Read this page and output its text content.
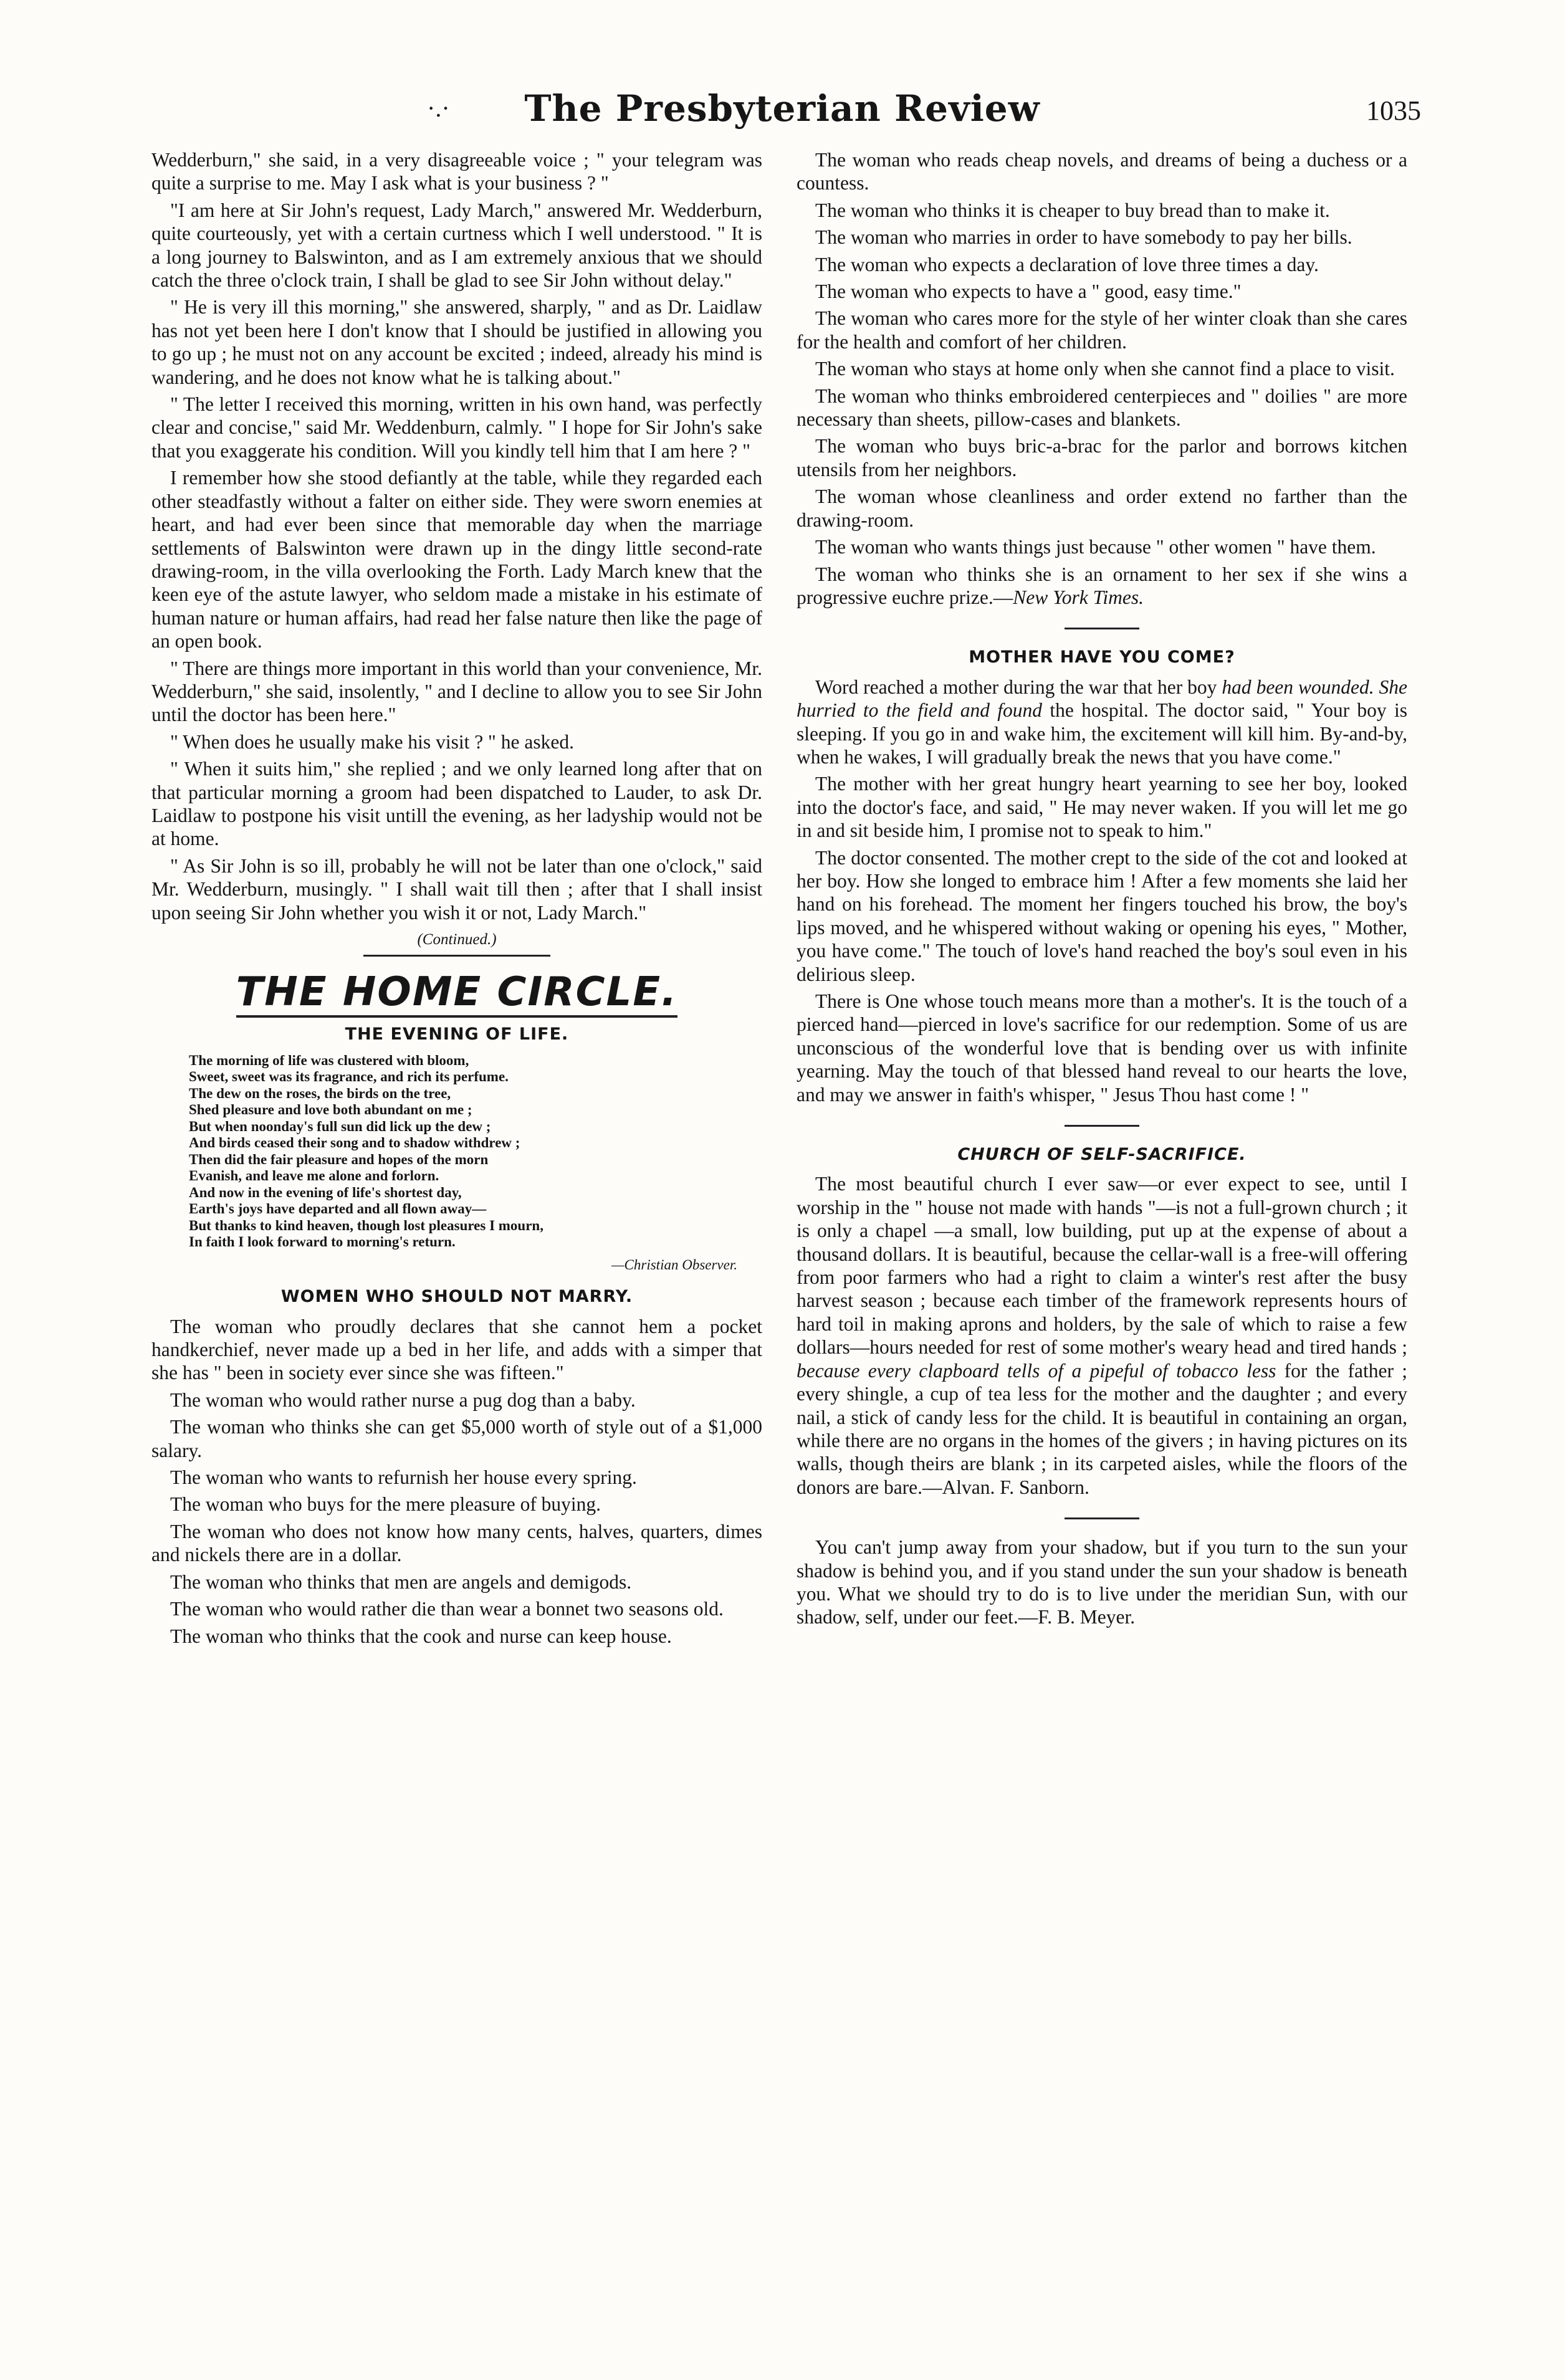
·.·	The Presbyterian Review	1035

Wedderburn," she said, in a very disagreeable voice ; " your telegram was quite a surprise to me. May I ask what is your business ? "

"I am here at Sir John's request, Lady March," answered Mr. Wedderburn, quite courteously, yet with a certain curtness which I well understood. " It is a long journey to Balswinton, and as I am extremely anxious that we should catch the three o'clock train, I shall be glad to see Sir John without delay."

" He is very ill this morning," she answered, sharply, " and as Dr. Laidlaw has not yet been here I don't know that I should be justified in allowing you to go up ; he must not on any account be excited ; indeed, already his mind is wandering, and he does not know what he is talking about."

" The letter I received this morning, written in his own hand, was perfectly clear and concise," said Mr. Weddenburn, calmly. " I hope for Sir John's sake that you exaggerate his condition. Will you kindly tell him that I am here ? "

I remember how she stood defiantly at the table, while they regarded each other steadfastly without a falter on either side. They were sworn enemies at heart, and had ever been since that memorable day when the marriage settlements of Balswinton were drawn up in the dingy little second-rate drawing-room, in the villa overlooking the Forth. Lady March knew that the keen eye of the astute lawyer, who seldom made a mistake in his estimate of human nature or human affairs, had read her false nature then like the page of an open book.

" There are things more important in this world than your convenience, Mr. Wedderburn," she said, insolently, " and I decline to allow you to see Sir John until the doctor has been here."

" When does he usually make his visit ? " he asked.

" When it suits him," she replied ; and we only learned long after that on that particular morning a groom had been dispatched to Lauder, to ask Dr. Laidlaw to postpone his visit untill the evening, as her ladyship would not be at home.

" As Sir John is so ill, probably he will not be later than one o'clock," said Mr. Wedderburn, musingly. " I shall wait till then ; after that I shall insist upon seeing Sir John whether you wish it or not, Lady March."

(Continued.)
THE HOME CIRCLE.
THE EVENING OF LIFE.
The morning of life was clustered with bloom,
Sweet, sweet was its fragrance, and rich its perfume.
The dew on the roses, the birds on the tree,
Shed pleasure and love both abundant on me ;
But when noonday's full sun did lick up the dew ;
And birds ceased their song and to shadow withdrew ;
Then did the fair pleasure and hopes of the morn
Evanish, and leave me alone and forlorn.
And now in the evening of life's shortest day,
Earth's joys have departed and all flown away—
But thanks to kind heaven, though lost pleasures I mourn,
In faith I look forward to morning's return.
—Christian Observer.
WOMEN WHO SHOULD NOT MARRY.

The woman who proudly declares that she cannot hem a pocket handkerchief, never made up a bed in her life, and adds with a simper that she has " been in society ever since she was fifteen."

The woman who would rather nurse a pug dog than a baby.

The woman who thinks she can get $5,000 worth of style out of a $1,000 salary.

The woman who wants to refurnish her house every spring.

The woman who buys for the mere pleasure of buying.

The woman who does not know how many cents, halves, quarters, dimes and nickels there are in a dollar.

The woman who thinks that men are angels and demigods.

The woman who would rather die than wear a bonnet two seasons old.

The woman who thinks that the cook and nurse can keep house.

The woman who reads cheap novels, and dreams of being a duchess or a countess.

The woman who thinks it is cheaper to buy bread than to make it.

The woman who marries in order to have somebody to pay her bills.

The woman who expects a declaration of love three times a day.

The woman who expects to have a " good, easy time."

The woman who cares more for the style of her winter cloak than she cares for the health and comfort of her children.

The woman who stays at home only when she cannot find a place to visit.

The woman who thinks embroidered centerpieces and " doilies " are more necessary than sheets, pillow-cases and blankets.

The woman who buys bric-a-brac for the parlor and borrows kitchen utensils from her neighbors.

The woman whose cleanliness and order extend no farther than the drawing-room.

The woman who wants things just because " other women " have them.

The woman who thinks she is an ornament to her sex if she wins a progressive euchre prize.—New York Times.

MOTHER HAVE YOU COME?

Word reached a mother during the war that her boy had been wounded. She hurried to the field and found the hospital. The doctor said, " Your boy is sleeping. If you go in and wake him, the excitement will kill him. By-and-by, when he wakes, I will gradually break the news that you have come."

The mother with her great hungry heart yearning to see her boy, looked into the doctor's face, and said, " He may never waken. If you will let me go in and sit beside him, I promise not to speak to him."

The doctor consented. The mother crept to the side of the cot and looked at her boy. How she longed to embrace him ! After a few moments she laid her hand on his forehead. The moment her fingers touched his brow, the boy's lips moved, and he whispered without waking or opening his eyes, " Mother, you have come." The touch of love's hand reached the boy's soul even in his delirious sleep.

There is One whose touch means more than a mother's. It is the touch of a pierced hand—pierced in love's sacrifice for our redemption. Some of us are unconscious of the wonderful love that is bending over us with infinite yearning. May the touch of that blessed hand reveal to our hearts the love, and may we answer in faith's whisper, " Jesus Thou hast come ! "

CHURCH OF SELF-SACRIFICE.

The most beautiful church I ever saw—or ever expect to see, until I worship in the " house not made with hands "—is not a full-grown church ; it is only a chapel —a small, low building, put up at the expense of about a thousand dollars. It is beautiful, because the cellar-wall is a free-will offering from poor farmers who had a right to claim a winter's rest after the busy harvest season ; because each timber of the framework represents hours of hard toil in making aprons and holders, by the sale of which to raise a few dollars—hours needed for rest of some mother's weary head and tired hands ; because every clapboard tells of a pipeful of tobacco less for the father ; every shingle, a cup of tea less for the mother and the daughter ; and every nail, a stick of candy less for the child. It is beautiful in containing an organ, while there are no organs in the homes of the givers ; in having pictures on its walls, though theirs are blank ; in its carpeted aisles, while the floors of the donors are bare.—Alvan. F. Sanborn.

You can't jump away from your shadow, but if you turn to the sun your shadow is behind you, and if you stand under the sun your shadow is beneath you. What we should try to do is to live under the meridian Sun, with our shadow, self, under our feet.—F. B. Meyer.
